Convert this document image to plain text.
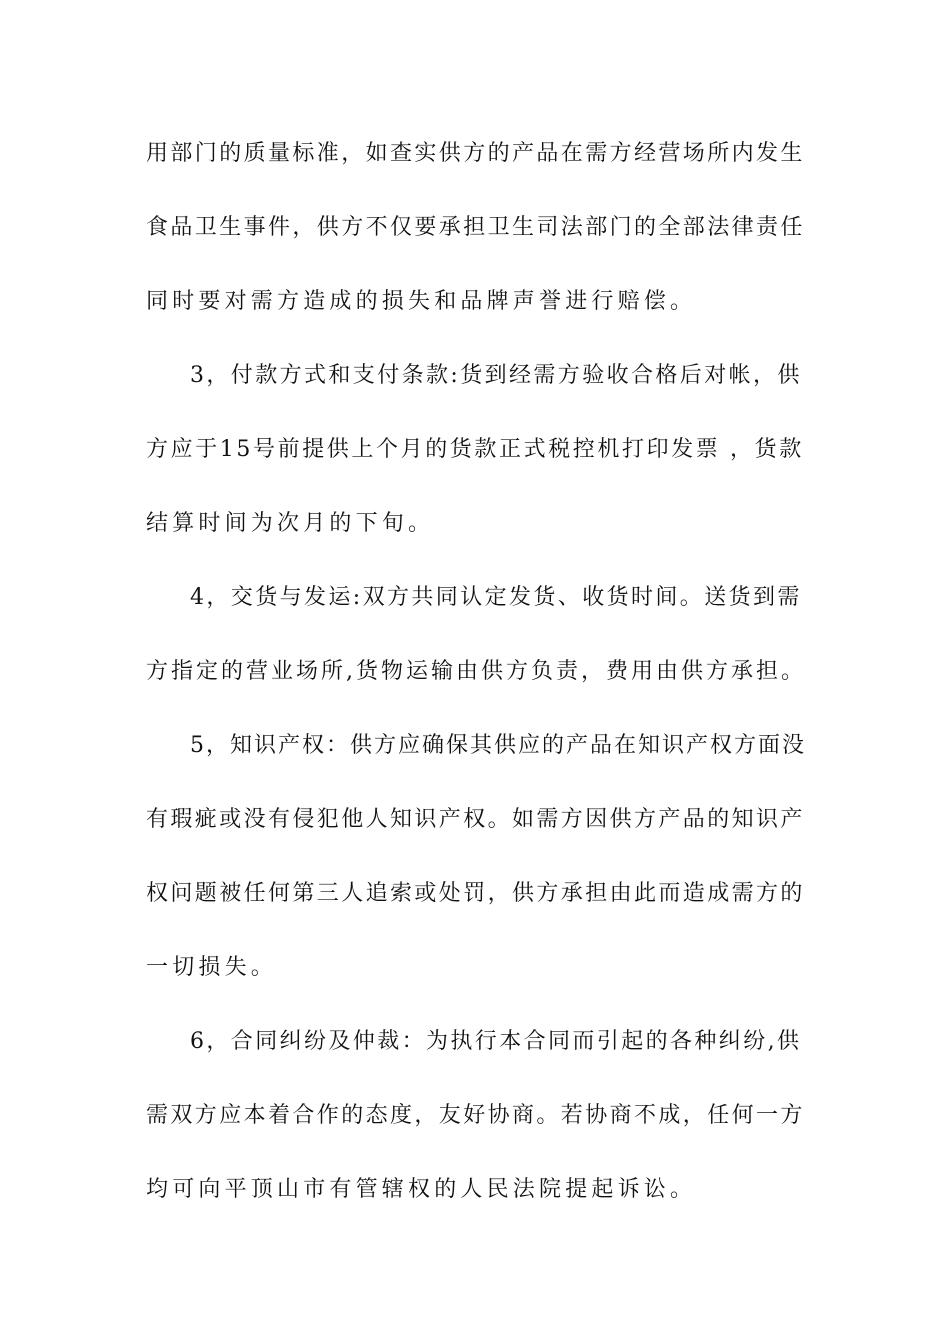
用部门的质量标准，如查实供方的产品在需方经营场所内发生
食品卫生事件，供方不仅要承担卫生司法部门的全部法律责任
同时要对需方造成的损失和品牌声誉进行赔偿。
3，付款方式和支付条款:货到经需方验收合格后对帐，供
方应于15号前提供上个月的货款正式税控机打印发票 ，货款
结算时间为次月的下旬。
4，交货与发运:双方共同认定发货、收货时间。送货到需
方指定的营业场所,货物运输由供方负责，费用由供方承担。
5，知识产权：供方应确保其供应的产品在知识产权方面没
有瑕疵或没有侵犯他人知识产权。如需方因供方产品的知识产
权问题被任何第三人追索或处罚，供方承担由此而造成需方的
一切损失。
6，合同纠纷及仲裁：为执行本合同而引起的各种纠纷,供
需双方应本着合作的态度，友好协商。若协商不成，任何一方
均可向平顶山市有管辖权的人民法院提起诉讼。
